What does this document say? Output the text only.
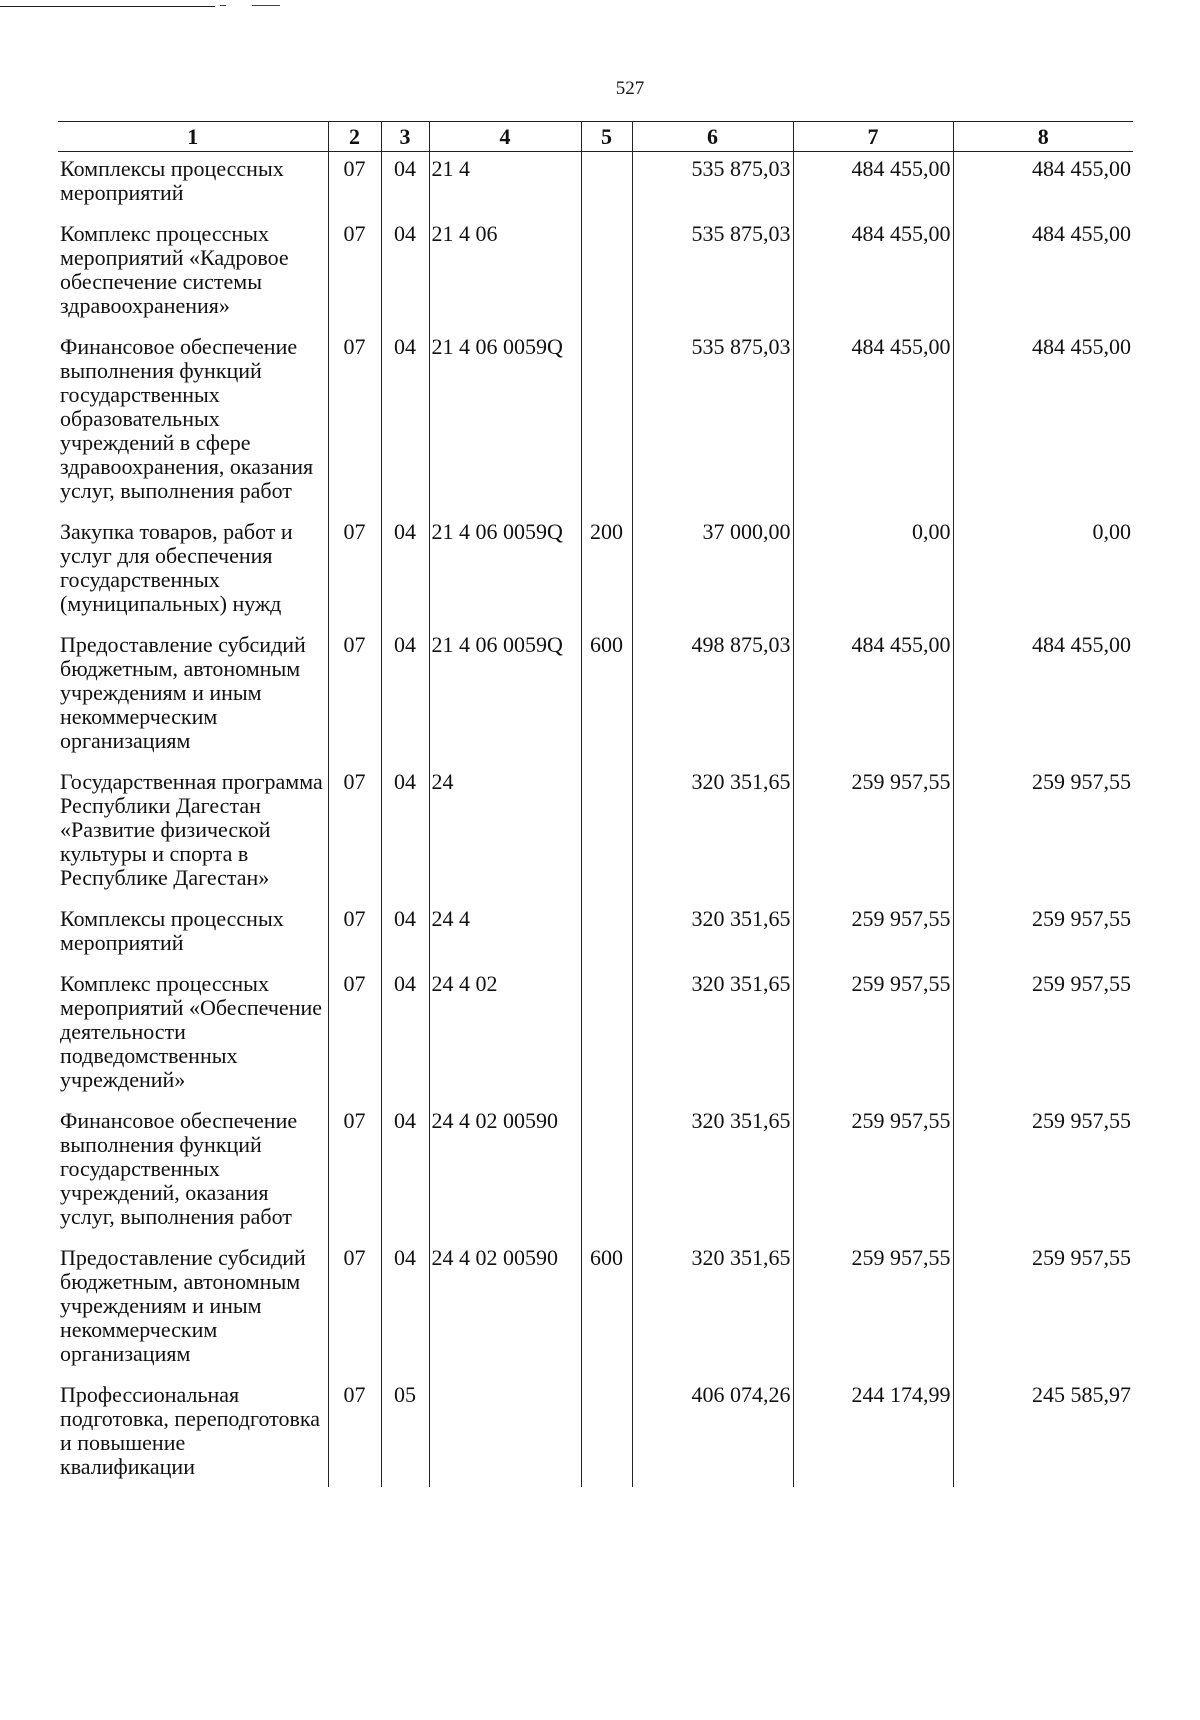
527
1	2	3	4	5	6	7	8
Комплексы процессных мероприятий	07	04	21 4		535 875,03	484 455,00	484 455,00
Комплекс процессных мероприятий «Кадровое обеспечение системы здравоохранения»	07	04	21 4 06		535 875,03	484 455,00	484 455,00
Финансовое обеспечение выполнения функций государственных образовательных учреждений в сфере здравоохранения, оказания услуг, выполнения работ	07	04	21 4 06 0059Q		535 875,03	484 455,00	484 455,00
Закупка товаров, работ и услуг для обеспечения государственных (муниципальных) нужд	07	04	21 4 06 0059Q	200	37 000,00	0,00	0,00
Предоставление субсидий бюджетным, автономным учреждениям и иным некоммерческим организациям	07	04	21 4 06 0059Q	600	498 875,03	484 455,00	484 455,00
Государственная программа Республики Дагестан «Развитие физической культуры и спорта в Республике Дагестан»	07	04	24		320 351,65	259 957,55	259 957,55
Комплексы процессных мероприятий	07	04	24 4		320 351,65	259 957,55	259 957,55
Комплекс процессных мероприятий «Обеспечение деятельности подведомственных учреждений»	07	04	24 4 02		320 351,65	259 957,55	259 957,55
Финансовое обеспечение выполнения функций государственных учреждений, оказания услуг, выполнения работ	07	04	24 4 02 00590		320 351,65	259 957,55	259 957,55
Предоставление субсидий бюджетным, автономным учреждениям и иным некоммерческим организациям	07	04	24 4 02 00590	600	320 351,65	259 957,55	259 957,55
Профессиональная подготовка, переподготовка и повышение квалификации	07	05			406 074,26	244 174,99	245 585,97
